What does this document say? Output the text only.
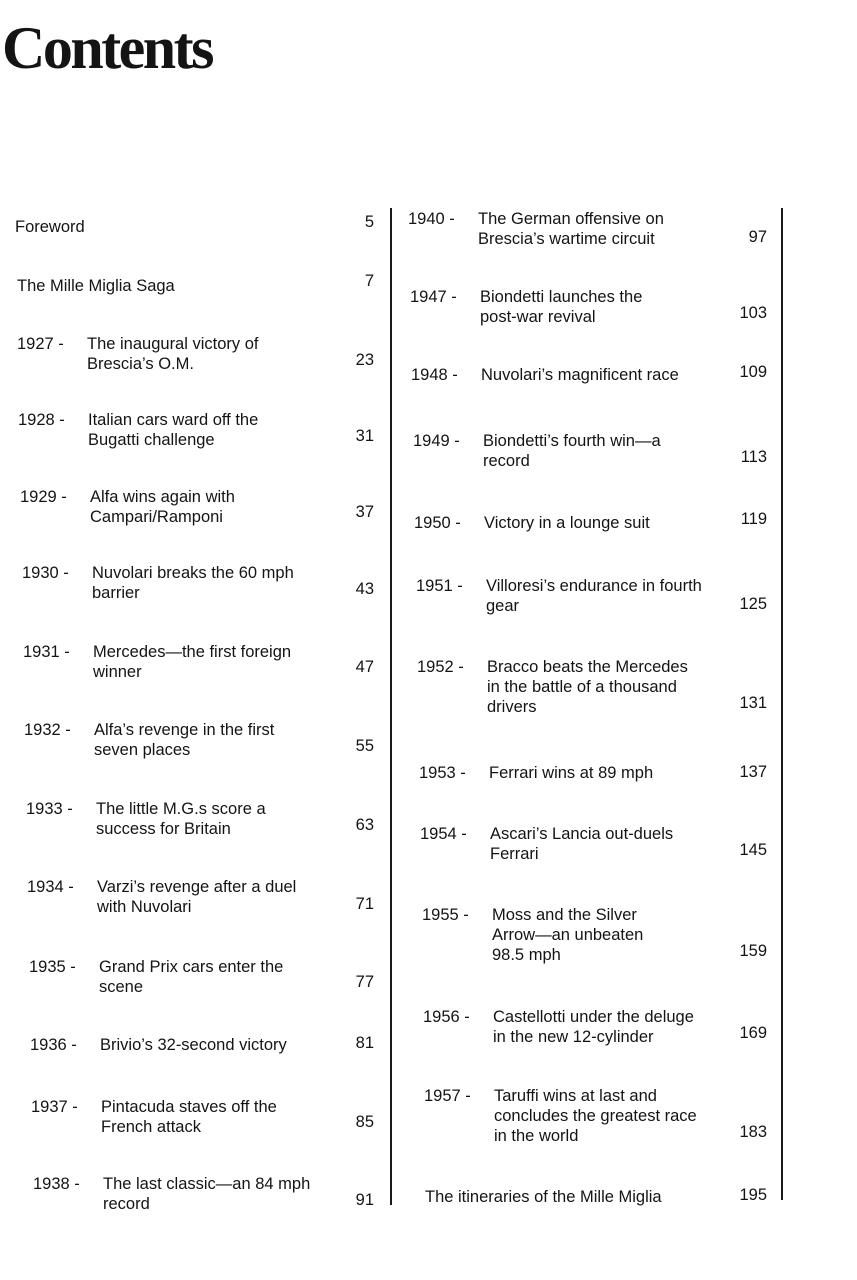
Contents
Foreword	5
The Mille Miglia Saga	7
1927 - The inaugural victory of
Brescia’s O.M.	23
1928 - Italian cars ward off the
Bugatti challenge	31
1929 - Alfa wins again with
Campari/Ramponi	37
1930 - Nuvolari breaks the 60 mph
barrier	43
1931 - Mercedes—the first foreign
winner	47
1932 - Alfa’s revenge in the first
seven places	55
1933 - The little M.G.s score a
success for Britain	63
1934 - Varzi’s revenge after a duel
with Nuvolari	71
1935 - Grand Prix cars enter the
scene	77
1936 - Brivio’s 32-second victory	81
1937 - Pintacuda staves off the
French attack	85
1938 - The last classic—an 84 mph
record	91
1940 - The German offensive on
Brescia’s wartime circuit	97
1947 - Biondetti launches the
post-war revival	103
1948 - Nuvolari’s magnificent race	109
1949 - Biondetti’s fourth win—a
record	113
1950 - Victory in a lounge suit	119
1951 - Villoresi’s endurance in fourth
gear	125
1952 - Bracco beats the Mercedes
in the battle of a thousand
drivers	131
1953 - Ferrari wins at 89 mph	137
1954 - Ascari’s Lancia out-duels
Ferrari	145
1955 - Moss and the Silver
Arrow—an unbeaten
98.5 mph	159
1956 - Castellotti under the deluge
in the new 12-cylinder	169
1957 - Taruffi wins at last and
concludes the greatest race
in the world	183
The itineraries of the Mille Miglia	195
